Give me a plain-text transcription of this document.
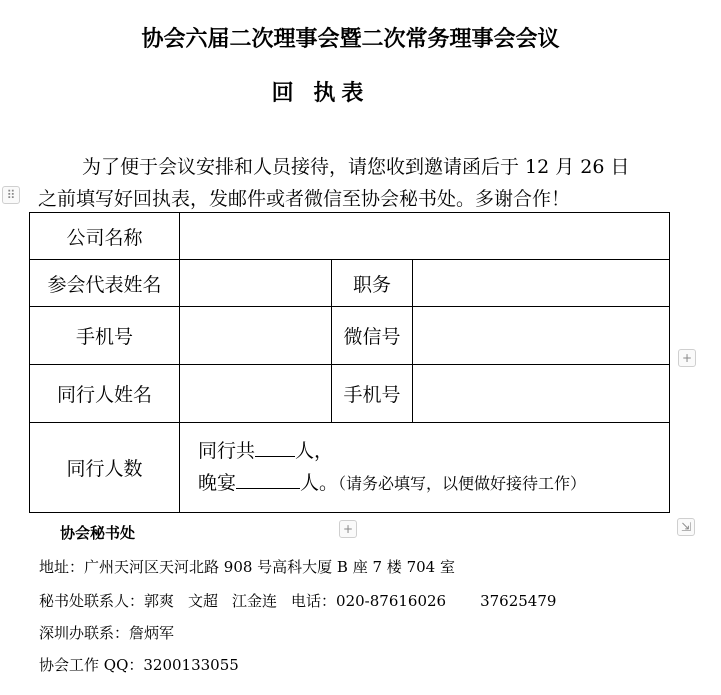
协会六届二次理事会暨二次常务理事会会议
回 执表
为了便于会议安排和人员接待，请您收到邀请函后于 12 月 26 日
之前填写好回执表，发邮件或者微信至协会秘书处。多谢合作！
⠿
公司名称			
参会代表姓名		职务	
手机号		微信号	
同行人姓名		手机号	
同行人数	同行共 人，
晚宴 人。（请务必填写，以便做好接待工作）		
+
+	⇲
协会秘书处
地址：广州天河区天河北路 908 号高科大厦 B 座 7 楼 704 室
秘书处联系人：郭爽 文超 江金连 电话：020-87616026 37625479
深圳办联系：詹炳军
协会工作 QQ：3200133055
